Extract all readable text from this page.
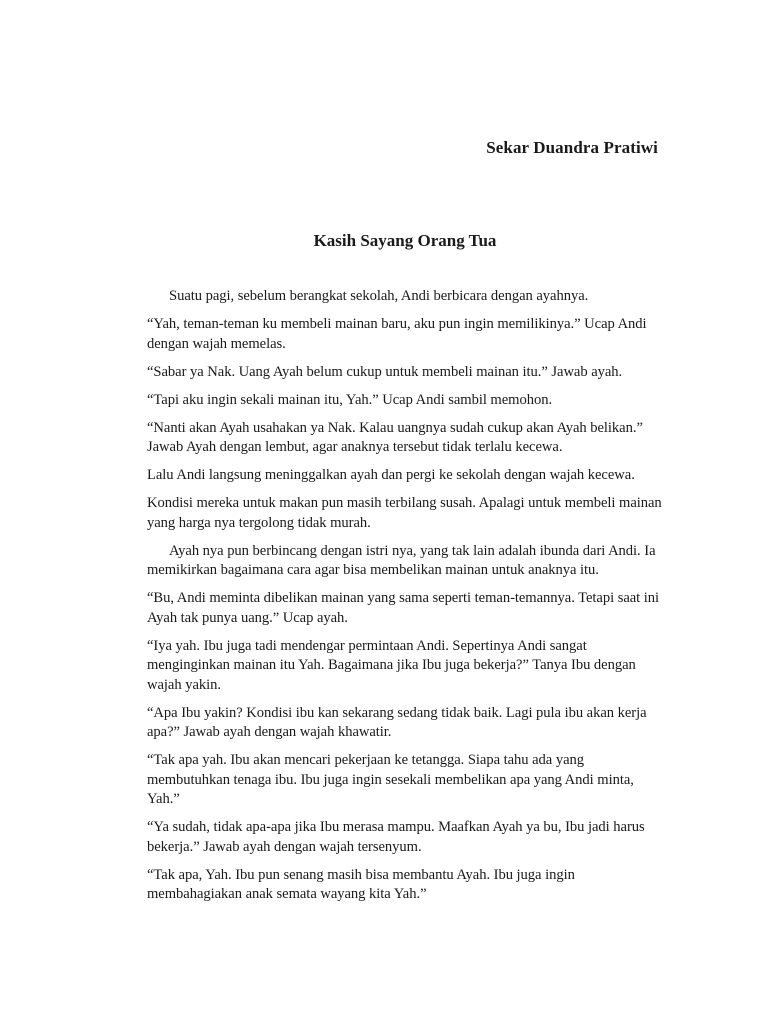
Sekar Duandra Pratiwi

Kasih Sayang Orang Tua

Suatu pagi, sebelum berangkat sekolah, Andi berbicara dengan ayahnya.

“Yah, teman-teman ku membeli mainan baru, aku pun ingin memilikinya.” Ucap Andi dengan wajah memelas.

“Sabar ya Nak. Uang Ayah belum cukup untuk membeli mainan itu.” Jawab ayah.

“Tapi aku ingin sekali mainan itu, Yah.” Ucap Andi sambil memohon.

“Nanti akan Ayah usahakan ya Nak. Kalau uangnya sudah cukup akan Ayah belikan.” Jawab Ayah dengan lembut, agar anaknya tersebut tidak terlalu kecewa.

Lalu Andi langsung meninggalkan ayah dan pergi ke sekolah dengan wajah kecewa.

Kondisi mereka untuk makan pun masih terbilang susah. Apalagi untuk membeli mainan yang harga nya tergolong tidak murah.

Ayah nya pun berbincang dengan istri nya, yang tak lain adalah ibunda dari Andi. Ia memikirkan bagaimana cara agar bisa membelikan mainan untuk anaknya itu.

“Bu, Andi meminta dibelikan mainan yang sama seperti teman-temannya. Tetapi saat ini Ayah tak punya uang.” Ucap ayah.

“Iya yah. Ibu juga tadi mendengar permintaan Andi. Sepertinya Andi sangat menginginkan mainan itu Yah. Bagaimana jika Ibu juga bekerja?” Tanya Ibu dengan wajah yakin.

“Apa Ibu yakin? Kondisi ibu kan sekarang sedang tidak baik. Lagi pula ibu akan kerja apa?” Jawab ayah dengan wajah khawatir.

“Tak apa yah. Ibu akan mencari pekerjaan ke tetangga. Siapa tahu ada yang membutuhkan tenaga ibu. Ibu juga ingin sesekali membelikan apa yang Andi minta, Yah.”

“Ya sudah, tidak apa-apa jika Ibu merasa mampu. Maafkan Ayah ya bu, Ibu jadi harus bekerja.” Jawab ayah dengan wajah tersenyum.

“Tak apa, Yah. Ibu pun senang masih bisa membantu Ayah. Ibu juga ingin membahagiakan anak semata wayang kita Yah.”
